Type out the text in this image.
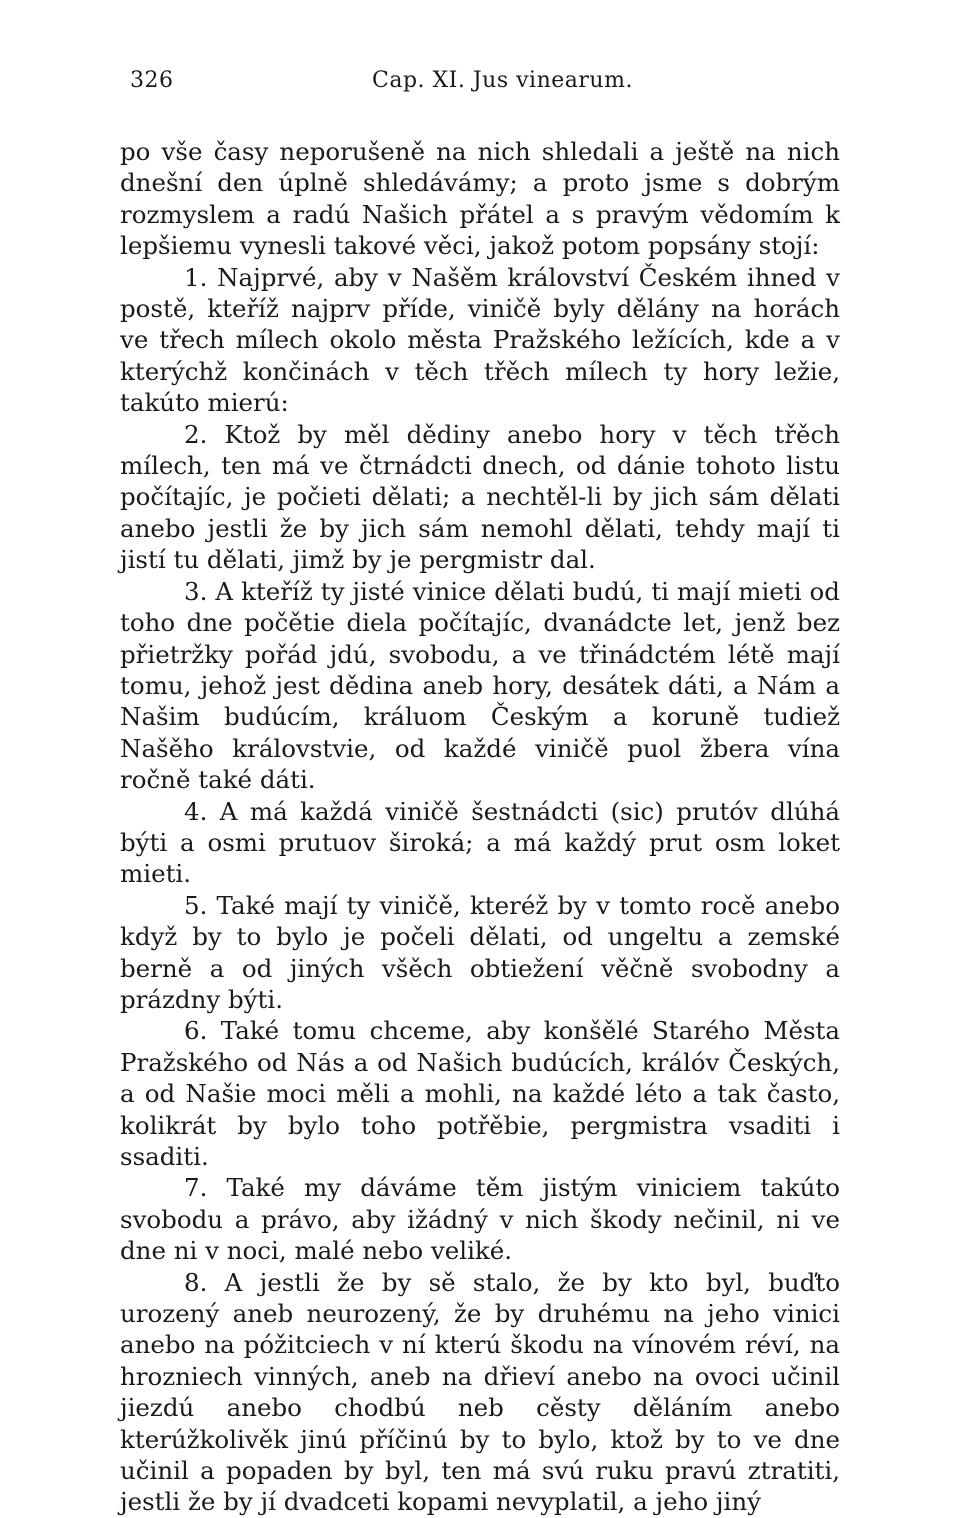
326	Cap. XI. Jus vinearum.

po vše časy neporušeně na nich shledali a ještě na nich dnešní den úplně shledávámy; a proto jsme s dobrým rozmyslem a radú Našich přátel a s pravým vědomím k lepšiemu vynesli takové věci, jakož potom popsány stojí:

1. Najprvé, aby v Našěm království Českém ihned v postě, kteříž najprv příde, viničě byly dělány na horách ve třech mílech okolo města Pražského ležících, kde a v kterýchž končinách v těch třěch mílech ty hory ležie, takúto mierú:

2. Ktož by měl dědiny anebo hory v těch třěch mílech, ten má ve čtrnádcti dnech, od dánie tohoto listu počítajíc, je počieti dělati; a nechtěl-li by jich sám dělati anebo jestli že by jich sám nemohl dělati, tehdy mají ti jistí tu dělati, jimž by je pergmistr dal.

3. A kteříž ty jisté vinice dělati budú, ti mají mieti od toho dne počětie diela počítajíc, dvanádcte let, jenž bez přietržky pořád jdú, svobodu, a ve třinádctém létě mají tomu, jehož jest dědina aneb hory, desátek dáti, a Nám a Našim budúcím, králuom Českým a koruně tudiež Našěho královstvie, od každé viničě puol žbera vína ročně také dáti.

4. A má každá viničě šestnádcti (sic) prutóv dlúhá býti a osmi prutuov široká; a má každý prut osm loket mieti.

5. Také mají ty viničě, kteréž by v tomto rocě anebo když by to bylo je počeli dělati, od ungeltu a zemské berně a od jiných všěch obtiežení věčně svobodny a prázdny býti.

6. Také tomu chceme, aby konšělé Starého Města Pražského od Nás a od Našich budúcích, králóv Českých, a od Našie moci měli a mohli, na každé léto a tak často, kolikrát by bylo toho potřěbie, pergmistra vsaditi i ssaditi.

7. Také my dáváme těm jistým viniciem takúto svobodu a právo, aby ižádný v nich škody nečinil, ni ve dne ni v noci, malé nebo veliké.

8. A jestli že by sě stalo, že by kto byl, buďto urozený aneb neurozený, že by druhému na jeho vinici anebo na póžitciech v ní kterú škodu na vínovém réví, na hrozniech vinných, aneb na dřieví anebo na ovoci učinil jiezdú anebo chodbú neb cěsty děláním anebo kterúžkolivěk jinú příčinú by to bylo, ktož by to ve dne učinil a popaden by byl, ten má svú ruku pravú ztratiti, jestli že by jí dvadceti kopami nevyplatil, a jeho jiný
